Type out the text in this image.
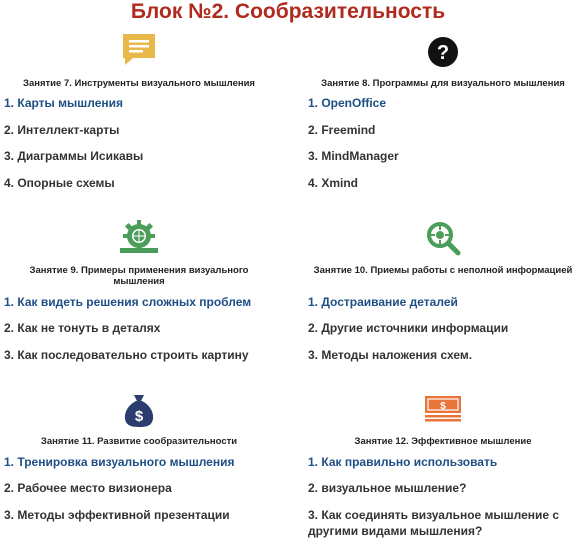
Блок №2. Сообразительность
Занятие 7. Инструменты визуального мышления
1. Карты мышления
2. Интеллект-карты
3. Диаграммы Исикавы
4. Опорные схемы
?
Занятие 8. Программы для визуального мышления
1. OpenOffice
2. Freemind
3. MindManager
4. Xmind
Занятие 9. Примеры применения визуального мышления
1. Как видеть решения сложных проблем
2. Как не тонуть в деталях
3. Как последовательно строить картину
Занятие 10. Приемы работы с неполной информацией
1. Достраивание деталей
2. Другие источники информации
3. Методы наложения схем.
$
Занятие 11. Развитие сообразительности
1. Тренировка визуального мышления
2. Рабочее место визионера
3. Методы эффективной презентации
$
Занятие 12. Эффективное мышление
1. Как правильно использовать
2. визуальное мышление?
3. Как соединять визуальное мышление с другими видами мышления?
